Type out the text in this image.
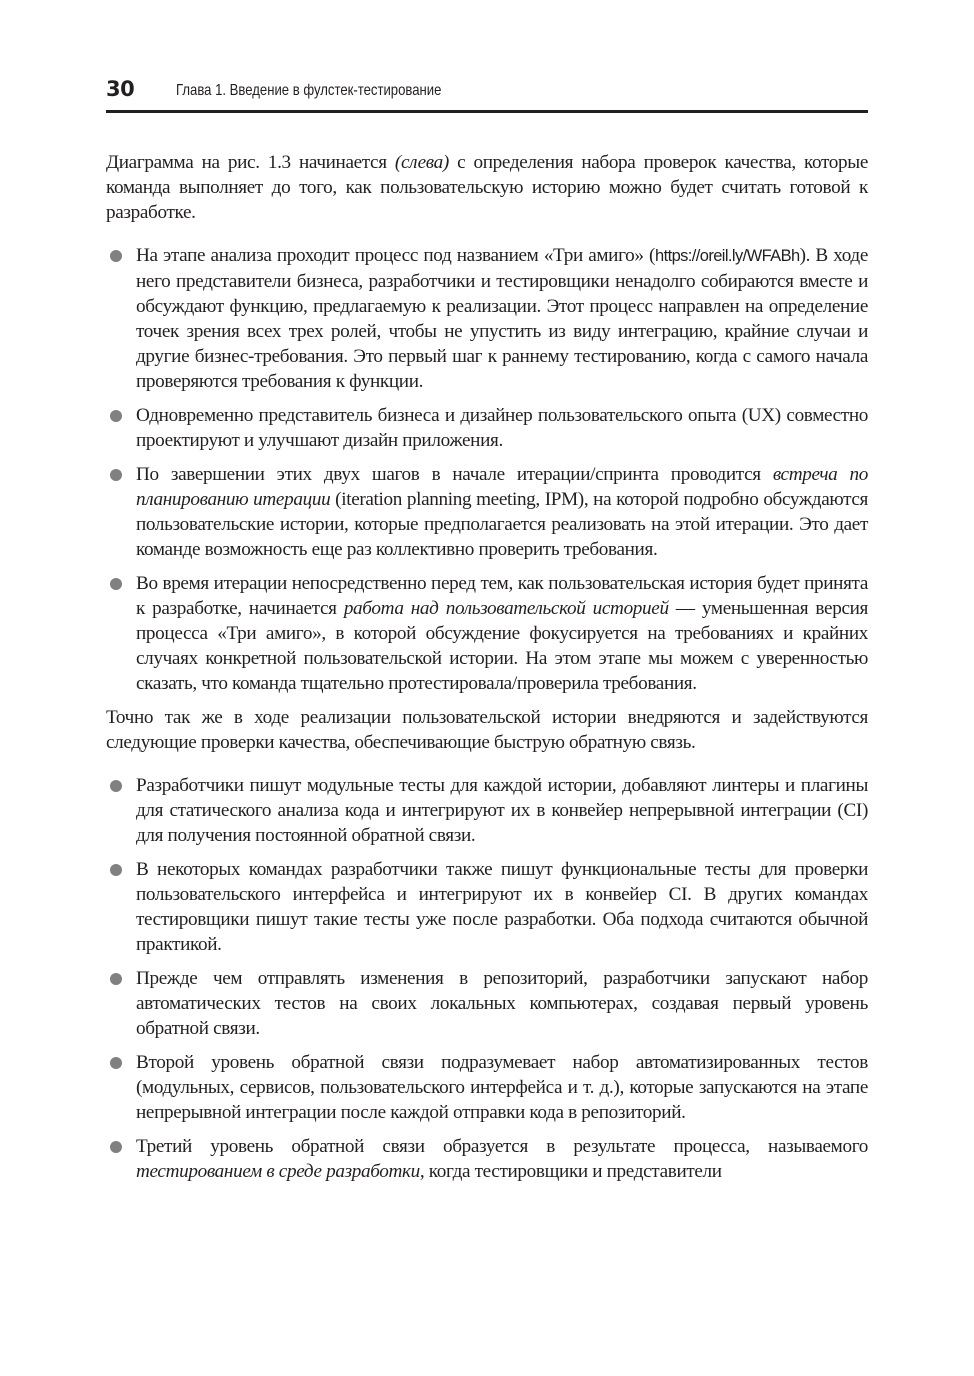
30	Глава 1. Введение в фулстек-тестирование

Диаграмма на рис. 1.3 начинается (слева) с определения набора проверок качества, которые команда выполняет до того, как пользовательскую историю можно будет считать готовой к разработке.

На этапе анализа проходит процесс под названием «Три амиго» (https://oreil.ly/WFABh). В ходе него представители бизнеса, разработчики и тестировщики ненадолго собираются вместе и обсуждают функцию, предлагаемую к реализации. Этот процесс направлен на определение точек зрения всех трех ролей, чтобы не упустить из виду интеграцию, крайние случаи и другие бизнес-требования. Это первый шаг к раннему тестированию, когда с самого начала проверяются требования к функции.
Одновременно представитель бизнеса и дизайнер пользовательского опыта (UX) совместно проектируют и улучшают дизайн приложения.
По завершении этих двух шагов в начале итерации/спринта проводится встреча по планированию итерации (iteration planning meeting, IPM), на которой подробно обсуждаются пользовательские истории, которые предполагается реализовать на этой итерации. Это дает команде возможность еще раз коллективно проверить требования.
Во время итерации непосредственно перед тем, как пользовательская история будет принята к разработке, начинается работа над пользовательской историей — уменьшенная версия процесса «Три амиго», в которой обсуждение фокусируется на требованиях и крайних случаях конкретной пользовательской истории. На этом этапе мы можем с уверенностью сказать, что команда тщательно протестировала/проверила требования.

Точно так же в ходе реализации пользовательской истории внедряются и задействуются следующие проверки качества, обеспечивающие быструю обратную связь.

Разработчики пишут модульные тесты для каждой истории, добавляют линтеры и плагины для статического анализа кода и интегрируют их в конвейер непрерывной интеграции (CI) для получения постоянной обратной связи.
В некоторых командах разработчики также пишут функциональные тесты для проверки пользовательского интерфейса и интегрируют их в конвейер CI. В других командах тестировщики пишут такие тесты уже после разработки. Оба подхода считаются обычной практикой.
Прежде чем отправлять изменения в репозиторий, разработчики запускают набор автоматических тестов на своих локальных компьютерах, создавая первый уровень обратной связи.
Второй уровень обратной связи подразумевает набор автоматизированных тестов (модульных, сервисов, пользовательского интерфейса и т. д.), которые запускаются на этапе непрерывной интеграции после каждой отправки кода в репозиторий.
Третий уровень обратной связи образуется в результате процесса, называемого тестированием в среде разработки, когда тестировщики и представители
